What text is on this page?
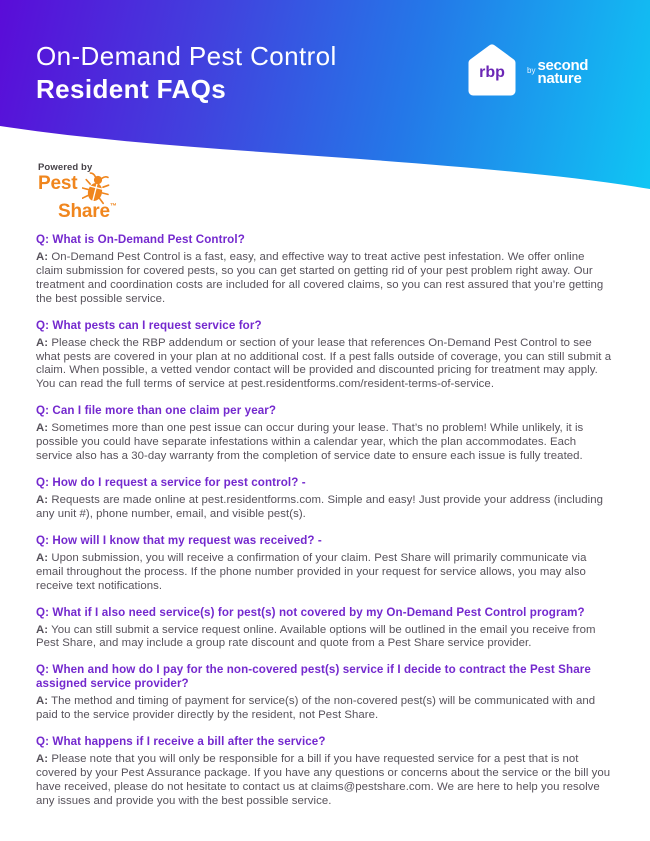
On-Demand Pest Control
Resident FAQs
rbp	by second
nature
Powered by
Pest
Share ™
Q: What is On-Demand Pest Control?

A: On-Demand Pest Control is a fast, easy, and effective way to treat active pest infestation. We offer online claim submission for covered pests, so you can get started on getting rid of your pest problem right away. Our treatment and coordination costs are included for all covered claims, so you can rest assured that you’re getting the best possible service.

Q: What pests can I request service for?

A: Please check the RBP addendum or section of your lease that references On-Demand Pest Control to see what pests are covered in your plan at no additional cost. If a pest falls outside of coverage, you can still submit a claim. When possible, a vetted vendor contact will be provided and discounted pricing for treatment may apply. You can read the full terms of service at pest.residentforms.com/resident-terms-of-service.

Q: Can I file more than one claim per year?

A: Sometimes more than one pest issue can occur during your lease. That’s no problem! While unlikely, it is possible you could have separate infestations within a calendar year, which the plan accommodates. Each service also has a 30-day warranty from the completion of service date to ensure each issue is fully treated.

Q: How do I request a service for pest control? -

A: Requests are made online at pest.residentforms.com. Simple and easy! Just provide your address (including any unit #), phone number, email, and visible pest(s).

Q: How will I know that my request was received? -

A: Upon submission, you will receive a confirmation of your claim. Pest Share will primarily communicate via email throughout the process. If the phone number provided in your request for service allows, you may also receive text notifications.

Q: What if I also need service(s) for pest(s) not covered by my On-Demand Pest Control program?

A: You can still submit a service request online. Available options will be outlined in the email you receive from Pest Share, and may include a group rate discount and quote from a Pest Share service provider.

Q: When and how do I pay for the non-covered pest(s) service if I decide to contract the Pest Share assigned service provider?

A: The method and timing of payment for service(s) of the non-covered pest(s) will be communicated with and paid to the service provider directly by the resident, not Pest Share.

Q: What happens if I receive a bill after the service?

A: Please note that you will only be responsible for a bill if you have requested service for a pest that is not covered by your Pest Assurance package. If you have any questions or concerns about the service or the bill you have received, please do not hesitate to contact us at claims@pestshare.com. We are here to help you resolve any issues and provide you with the best possible service.
